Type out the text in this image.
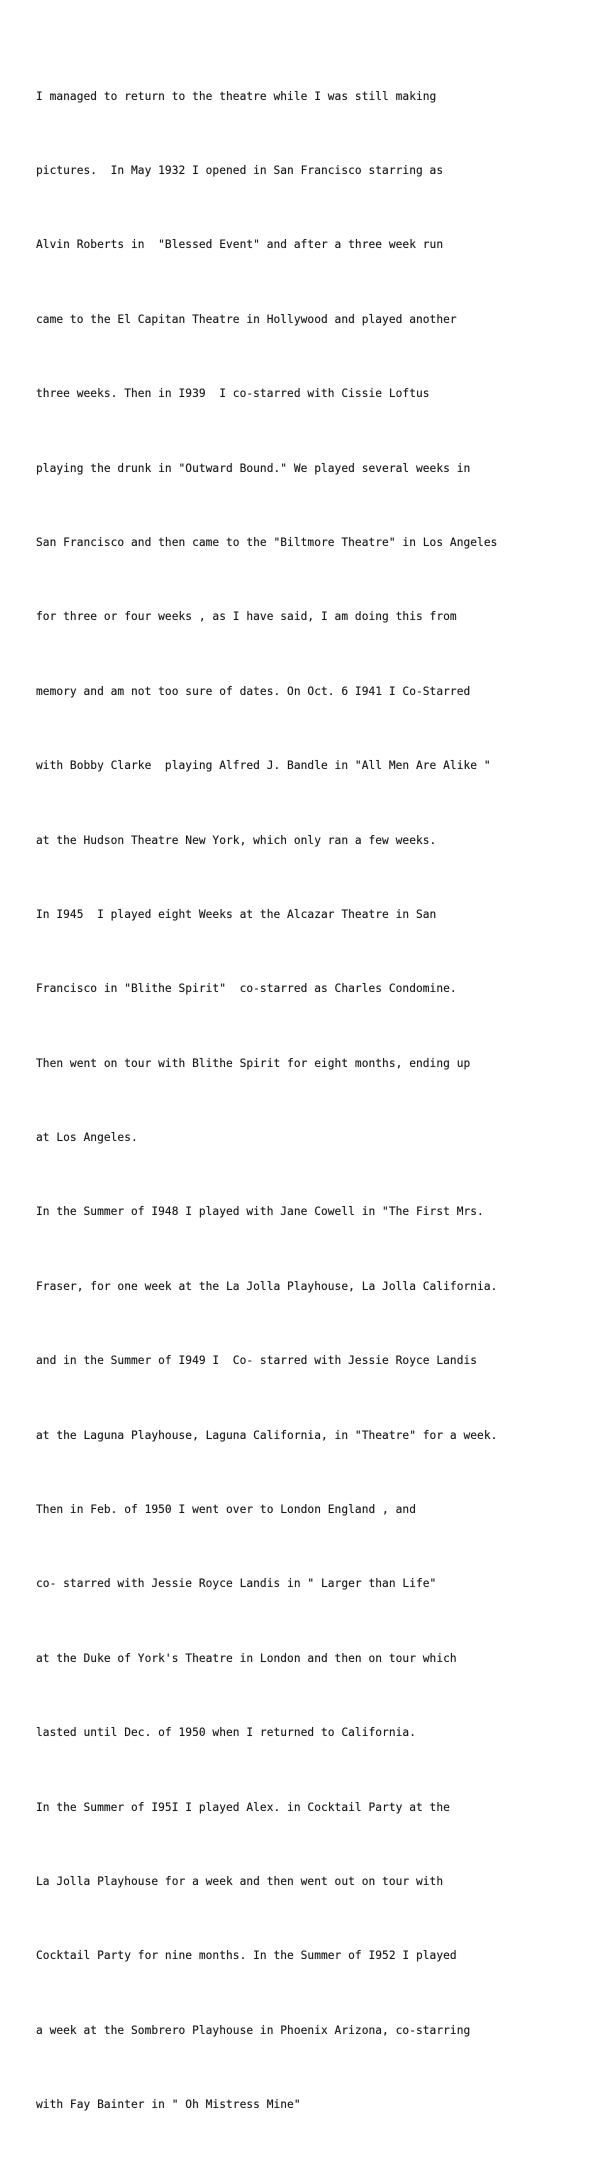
I managed to return to the theatre while I was still making

pictures.  In May 1932 I opened in San Francisco starring as

Alvin Roberts in  "Blessed Event" and after a three week run

came to the El Capitan Theatre in Hollywood and played another

three weeks. Then in I939  I co-starred with Cissie Loftus

playing the drunk in "Outward Bound." We played several weeks in

San Francisco and then came to the "Biltmore Theatre" in Los Angeles

for three or four weeks , as I have said, I am doing this from

memory and am not too sure of dates. On Oct. 6 I941 I Co-Starred

with Bobby Clarke  playing Alfred J. Bandle in "All Men Are Alike "

at the Hudson Theatre New York, which only ran a few weeks.

In I945  I played eight Weeks at the Alcazar Theatre in San

Francisco in "Blithe Spirit"  co-starred as Charles Condomine.

Then went on tour with Blithe Spirit for eight months, ending up

at Los Angeles.

In the Summer of I948 I played with Jane Cowell in "The First Mrs.

Fraser, for one week at the La Jolla Playhouse, La Jolla California.

and in the Summer of I949 I  Co- starred with Jessie Royce Landis

at the Laguna Playhouse, Laguna California, in "Theatre" for a week.

Then in Feb. of 1950 I went over to London England , and

co- starred with Jessie Royce Landis in " Larger than Life"

at the Duke of York's Theatre in London and then on tour which

lasted until Dec. of 1950 when I returned to California.

In the Summer of I95I I played Alex. in Cocktail Party at the

La Jolla Playhouse for a week and then went out on tour with

Cocktail Party for nine months. In the Summer of I952 I played

a week at the Sombrero Playhouse in Phoenix Arizona, co-starring

with Fay Bainter in " Oh Mistress Mine"
